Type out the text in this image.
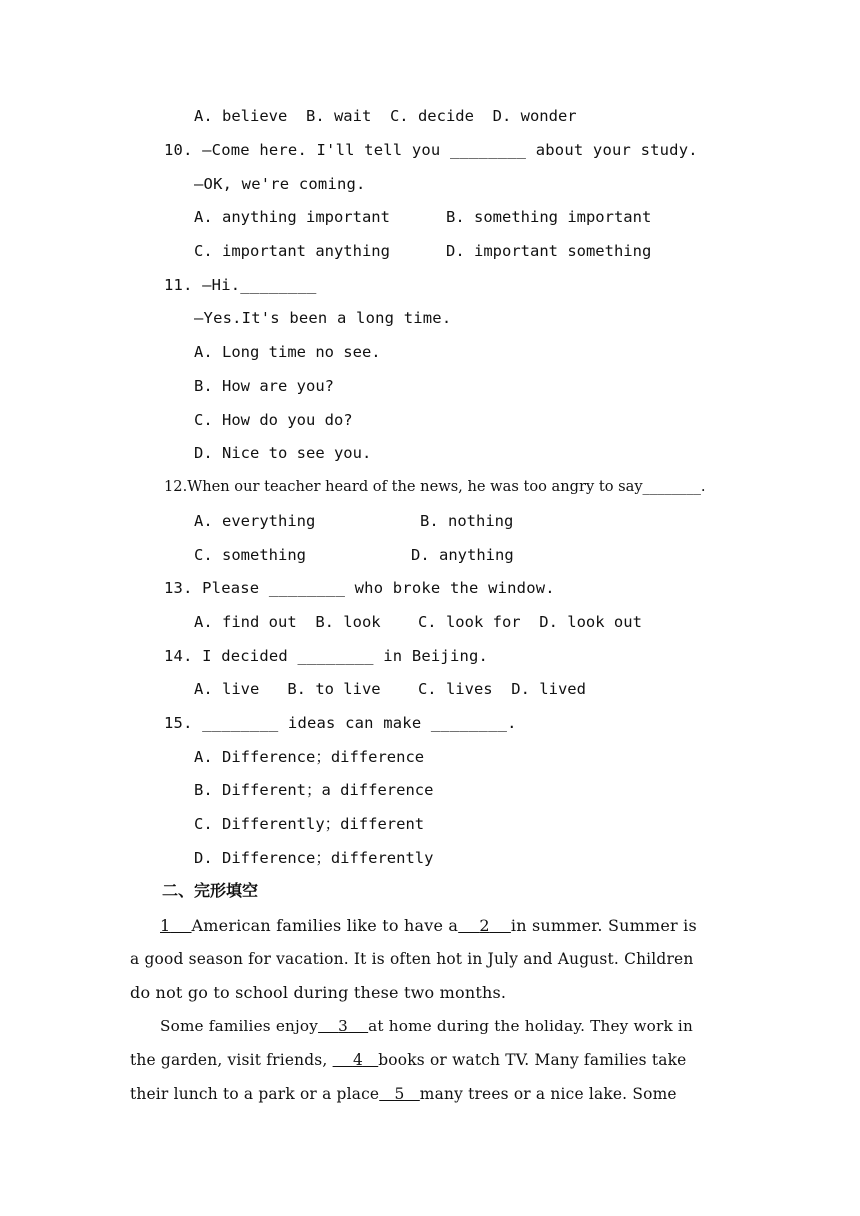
A. believe  B. wait  C. decide  D. wonder
10. —Come here. I'll tell you ________ about your study.
—OK, we're coming.
A. anything important	B. something important
C. important anything	D. important something
11. —Hi.________
—Yes.It's been a long time.
A. Long time no see.
B. How are you?
C. How do you do?
D. Nice to see you.
12.When our teacher heard of the news, he was too angry to say________.
A. everything	B. nothing
C. something	D. anything
13. Please ________ who broke the window.
A. find out  B. look    C. look for  D. look out
14. I decided ________ in Beijing.
A. live   B. to live    C. lives  D. lived
15. ________ ideas can make ________.
A. Difference；difference
B. Different；a difference
C. Differently；different
D. Difference；differently
二、完形填空
1 American families like to have a 2 in summer. Summer is
a good season for vacation. It is often hot in July and August. Children
do not go to school during these two months.
Some families enjoy 3 at home during the holiday. They work in
the garden, visit friends,     4 books or watch TV. Many families take
their lunch to a park or a place 5 many trees or a nice lake. Some
